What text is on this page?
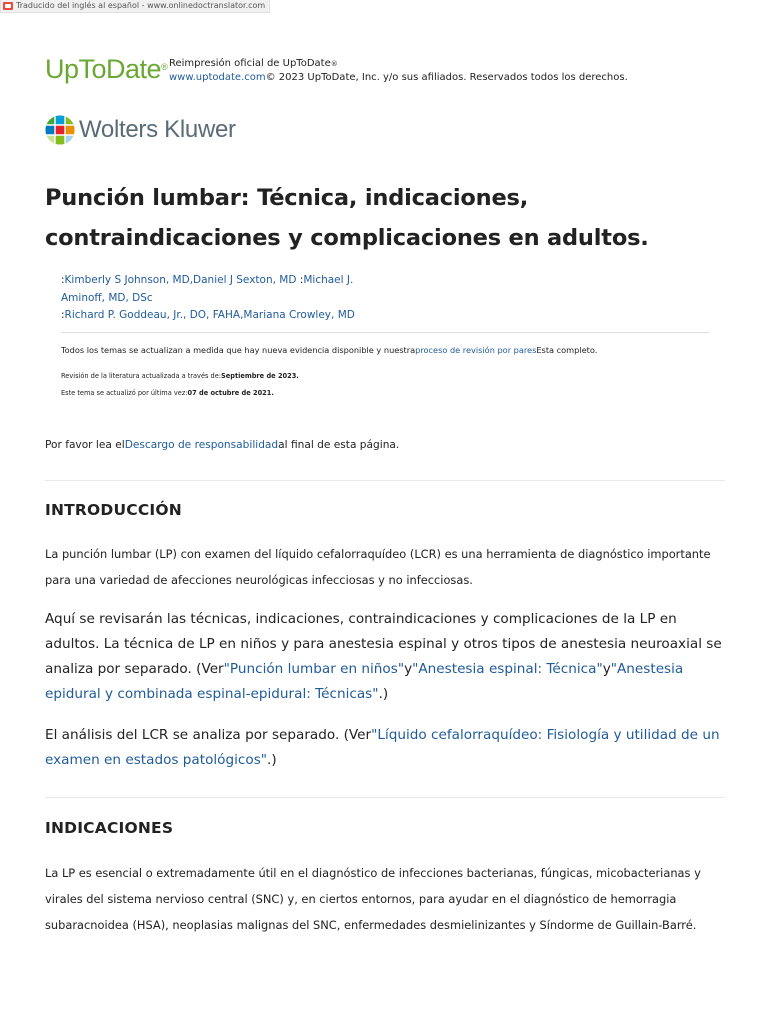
Traducido del inglés al español - www.onlinedoctranslator.com
UpToDate® Reimpresión oficial de UpToDate®
www.uptodate.com© 2023 UpToDate, Inc. y/o sus afiliados. Reservados todos los derechos.
Wolters Kluwer
Punción lumbar: Técnica, indicaciones,
contraindicaciones y complicaciones en adultos.
:Kimberly S Johnson, MD,Daniel J Sexton, MD :Michael J.
Aminoff, MD, DSc
:Richard P. Goddeau, Jr., DO, FAHA,Mariana Crowley, MD
Todos los temas se actualizan a medida que hay nueva evidencia disponible y nuestraproceso de revisión por paresEsta completo.
Revisión de la literatura actualizada a través de:Septiembre de 2023.
Este tema se actualizó por última vez:07 de octubre de 2021.
Por favor lea elDescargo de responsabilidadal final de esta página.
INTRODUCCIÓN

La punción lumbar (LP) con examen del líquido cefalorraquídeo (LCR) es una herramienta de diagnóstico importante para una variedad de afecciones neurológicas infecciosas y no infecciosas.

Aquí se revisarán las técnicas, indicaciones, contraindicaciones y complicaciones de la LP en adultos. La técnica de LP en niños y para anestesia espinal y otros tipos de anestesia neuroaxial se analiza por separado. (Ver"Punción lumbar en niños"y"Anestesia espinal: Técnica"y"Anestesia epidural y combinada espinal-epidural: Técnicas".)

El análisis del LCR se analiza por separado. (Ver"Líquido cefalorraquídeo: Fisiología y utilidad de un examen en estados patológicos".)

INDICACIONES

La LP es esencial o extremadamente útil en el diagnóstico de infecciones bacterianas, fúngicas, micobacterianas y virales del sistema nervioso central (SNC) y, en ciertos entornos, para ayudar en el diagnóstico de hemorragia subaracnoidea (HSA), neoplasias malignas del SNC, enfermedades desmielinizantes y Síndorme de Guillain-Barré.
